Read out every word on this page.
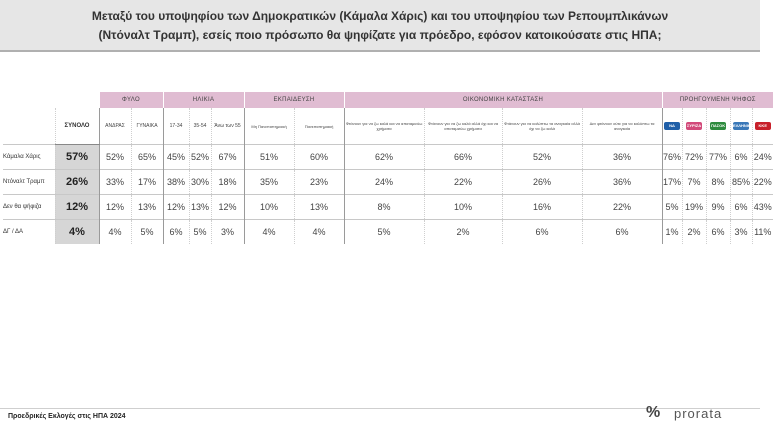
Μεταξύ του υποψηφίου των Δημοκρατικών (Κάμαλα Χάρις) και του υποψηφίου των Ρεπουμπλικάνων
(Ντόναλτ Τραμπ), εσείς ποιο πρόσωπο θα ψηφίζατε για πρόεδρο, εφόσον κατοικούσατε στις ΗΠΑ;
		ΦΥΛΟ		ΗΛΙΚΙΑ			ΕΚΠΑΙΔΕΥΣΗ		ΟΙΚΟΝΟΜΙΚΗ ΚΑΤΑΣΤΑΣΗ				ΠΡΟΗΓΟΥΜΕΝΗ ΨΗΦΟΣ				
	ΣΥΝΟΛΟ	ΑΝΔΡΑΣ	ΓΥΝΑΙΚΑ	17-34	35-54	Άνω των 55	Μη Πανεπιστημιακή	Πανεπιστημιακή	Φτάνουν για να ζω καλά και να αποταμιεύω χρήματα	Φτάνουν για να ζω καλά αλλά όχι και να αποταμιεύω χρήματα	Φτάνουν για να καλύπτω τα αναγκαία αλλά όχι να ζω καλά	Δεν φτάνουν ούτε για να καλύπτω τα αναγκαία	ΝΔ	ΣΥΡΙΖΑ	ΠΑΣΟΚ	ΕΛΛΗΝΙΚΗ ΛΥΣΗ	ΚΚΕ
Κάμαλα Χάρις	57%	52%	65%	45%	52%	67%	51%	60%	62%	66%	52%	36%	76%	72%	77%	6%	24%
Ντόναλτ Τραμπ	26%	33%	17%	38%	30%	18%	35%	23%	24%	22%	26%	36%	17%	7%	8%	85%	22%
Δεν θα ψήφιζα	12%	12%	13%	12%	13%	12%	10%	13%	8%	10%	16%	22%	5%	19%	9%	6%	43%
ΔΓ / ΔΑ	4%	4%	5%	6%	5%	3%	4%	4%	5%	2%	6%	6%	1%	2%	6%	3%	11%
Προεδρικές Εκλογές στις ΗΠΑ 2024	% prorata
